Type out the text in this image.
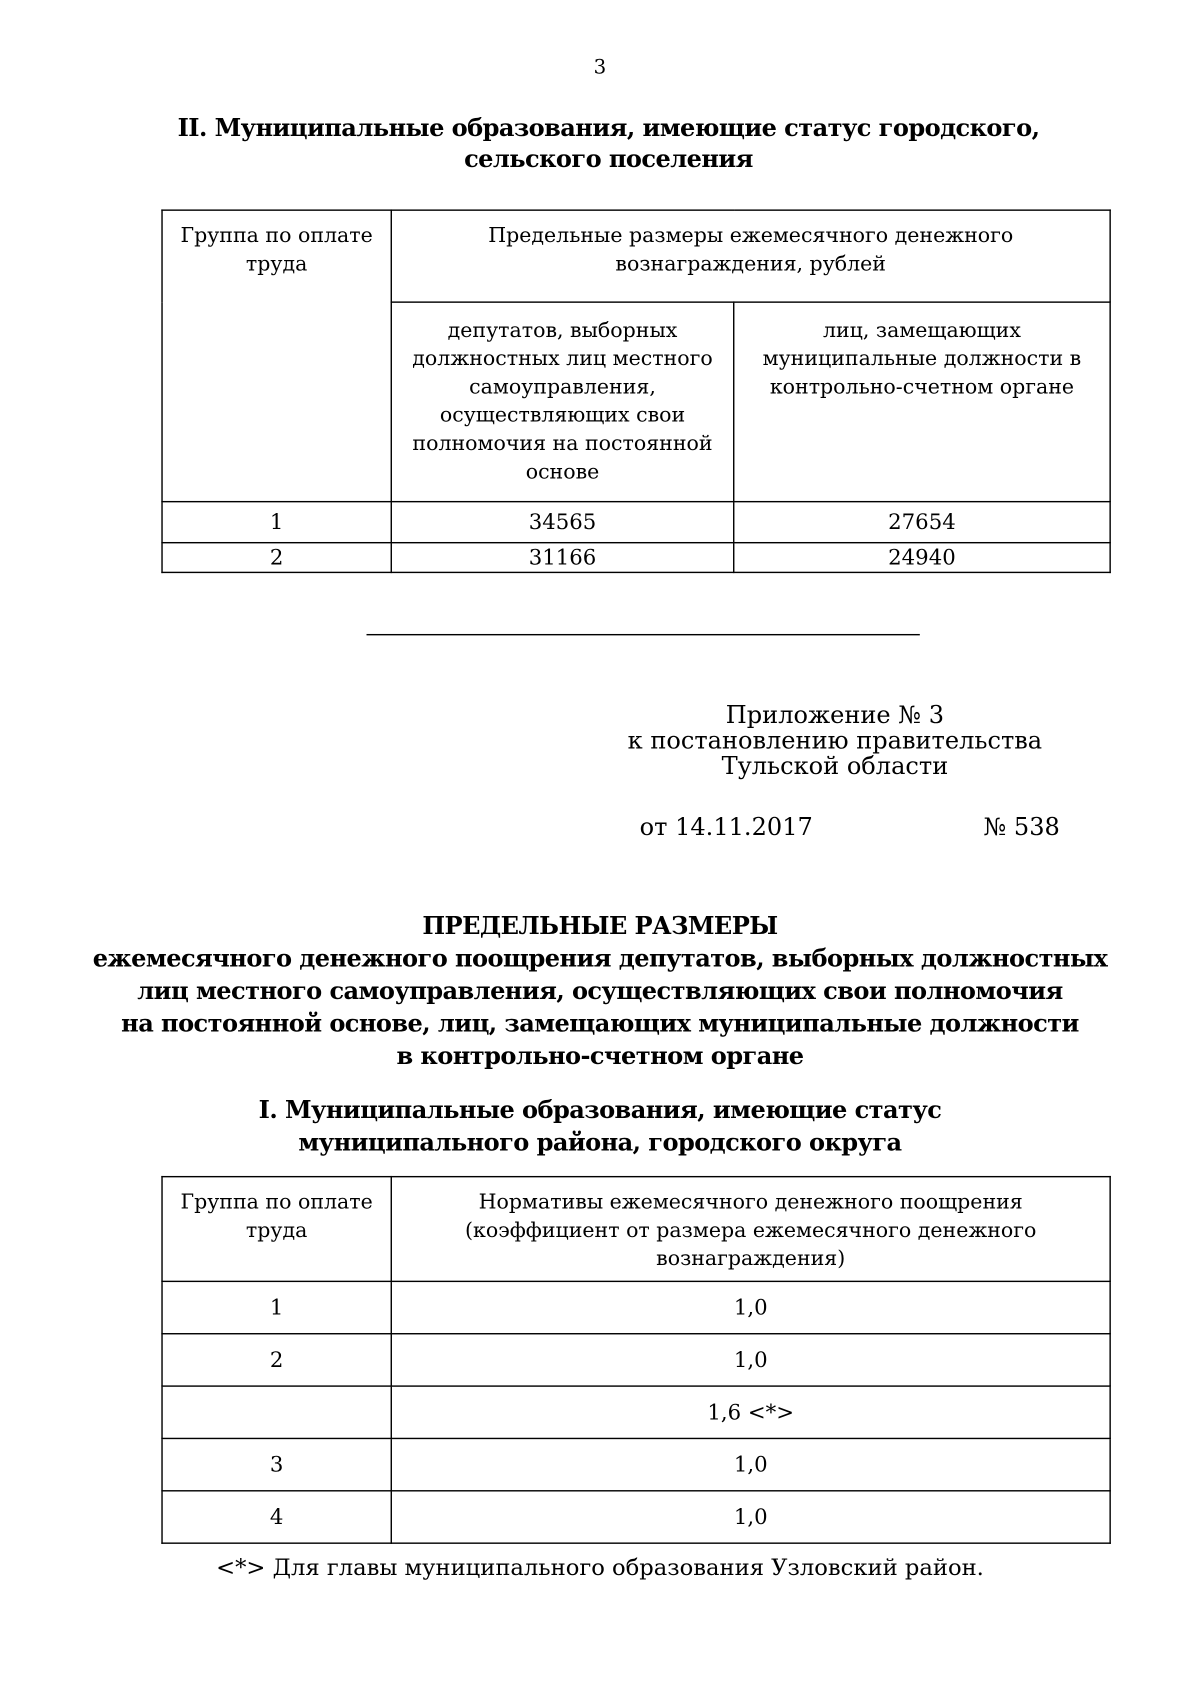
3
II. Муниципальные образования, имеющие статус городского,
сельского поселения
Группа по оплате труда	Предельные размеры ежемесячного денежного вознаграждения, рублей	
	депутатов, выборных должностных лиц местного самоуправления, осуществляющих свои полномочия на постоянной основе	лиц, замещающих муниципальные должности в контрольно-счетном органе
1	34565	27654
2	31166	24940
Приложение № 3
к постановлению правительства
Тульской области
от 14.11.2017	№ 538
ПРЕДЕЛЬНЫЕ РАЗМЕРЫ
ежемесячного денежного поощрения депутатов, выборных должностных
лиц местного самоуправления, осуществляющих свои полномочия
на постоянной основе, лиц, замещающих муниципальные должности
в контрольно-счетном органе
I. Муниципальные образования, имеющие статус
муниципального района, городского округа
Группа по оплате труда	Нормативы ежемесячного денежного поощрения (коэффициент от размера ежемесячного денежного вознаграждения)
1	1,0
2	1,0
	1,6 <*>
3	1,0
4	1,0
<*> Для главы муниципального образования Узловский район.
